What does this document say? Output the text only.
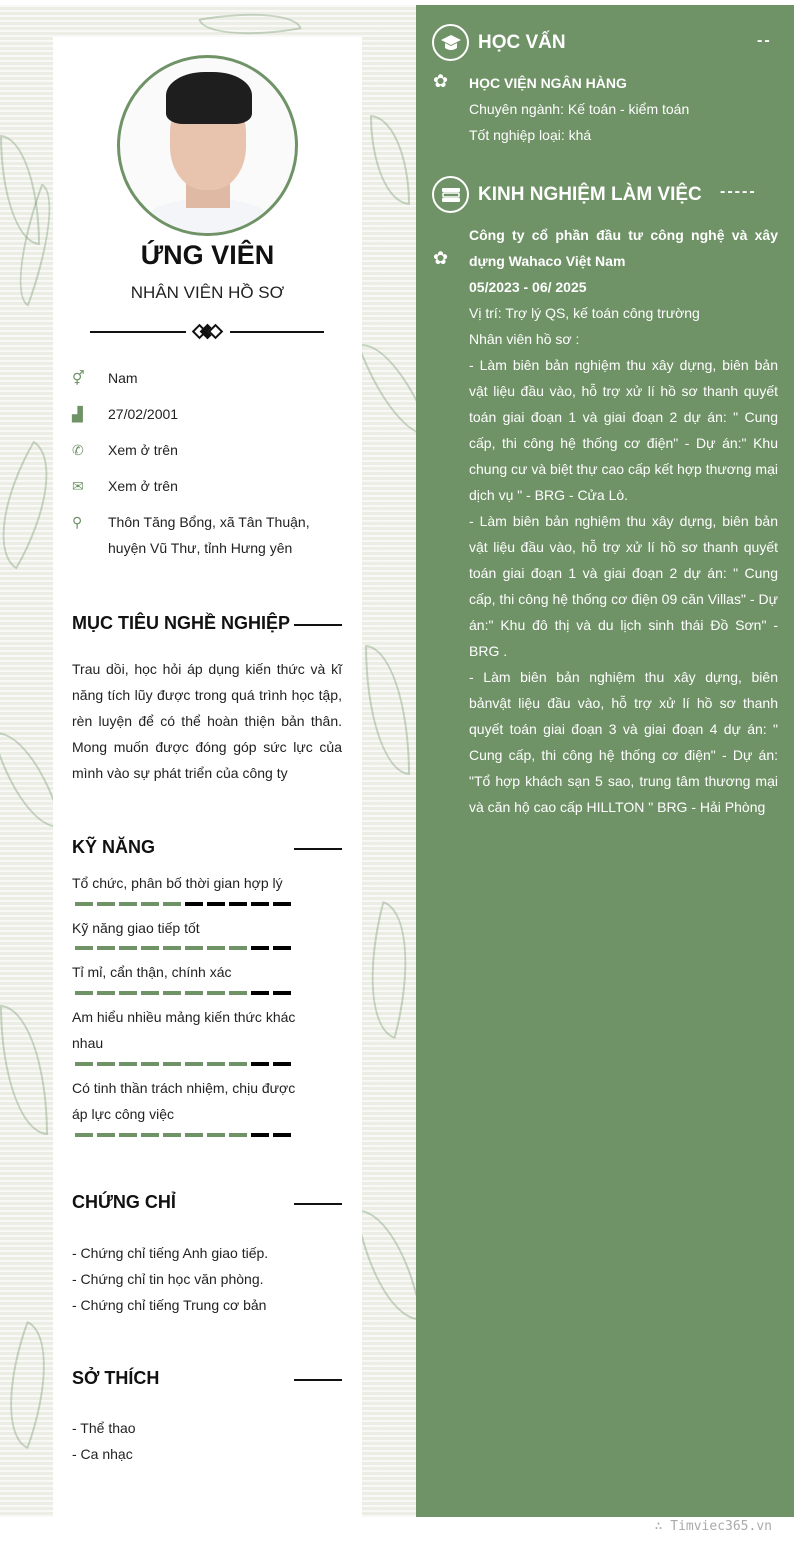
ỨNG VIÊN
NHÂN VIÊN HỒ SƠ
⚥	Nam
▟	27/02/2001
✆	Xem ở trên
✉	Xem ở trên
⚲	Thôn Tăng Bổng, xã Tân Thuận, huyện Vũ Thư, tỉnh Hưng yên
MỤC TIÊU NGHỀ NGHIỆP
Trau dồi, học hỏi áp dụng kiến thức và kĩ năng tích lũy được trong quá trình học tập, rèn luyện để có thể hoàn thiện bản thân. Mong muốn được đóng góp sức lực của mình vào sự phát triển của công ty
KỸ NĂNG
Tổ chức, phân bố thời gian hợp lý
Kỹ năng giao tiếp tốt
Tỉ mỉ, cẩn thận, chính xác
Am hiểu nhiều mảng kiến thức khác nhau
Có tinh thần trách nhiệm, chịu được áp lực công việc
CHỨNG CHỈ
- Chứng chỉ tiếng Anh giao tiếp.
- Chứng chỉ tin học văn phòng.
- Chứng chỉ tiếng Trung cơ bản
SỞ THÍCH
- Thể thao
- Ca nhạc
HỌC VẤN	--
✿ HỌC VIỆN NGÂN HÀNG
Chuyên ngành: Kế toán - kiểm toán
Tốt nghiệp loại: khá
KINH NGHIỆM LÀM VIỆC -----
✿
Công ty cổ phần đầu tư công nghệ và xây dựng Wahaco Việt Nam
05/2023 - 06/ 2025
Vị trí: Trợ lý QS, kế toán công trường
Nhân viên hồ sơ :
- Làm biên bản nghiệm thu xây dựng, biên bản vật liệu đầu vào, hỗ trợ xử lí hồ sơ thanh quyết toán giai đoạn 1 và giai đoạn 2 dự án: " Cung cấp, thi công hệ thống cơ điện" - Dự án:" Khu chung cư và biệt thự cao cấp kết hợp thương mại dịch vụ " - BRG - Cửa Lò.
- Làm biên bản nghiệm thu xây dựng, biên bản vật liệu đầu vào, hỗ trợ xử lí hồ sơ thanh quyết toán giai đoạn 1 và giai đoạn 2 dự án: " Cung cấp, thi công hệ thống cơ điện 09 căn Villas" - Dự án:" Khu đô thị và du lịch sinh thái Đồ Sơn" - BRG .
- Làm biên bản nghiệm thu xây dựng, biên bảnvật liệu đầu vào, hỗ trợ xử lí hồ sơ thanh quyết toán giai đoạn 3 và giai đoạn 4 dự án: " Cung cấp, thi công hệ thống cơ điện" - Dự án: "Tổ hợp khách sạn 5 sao, trung tâm thương mại và căn hộ cao cấp HILLTON " BRG - Hải Phòng
∴ Timviec365.vn
